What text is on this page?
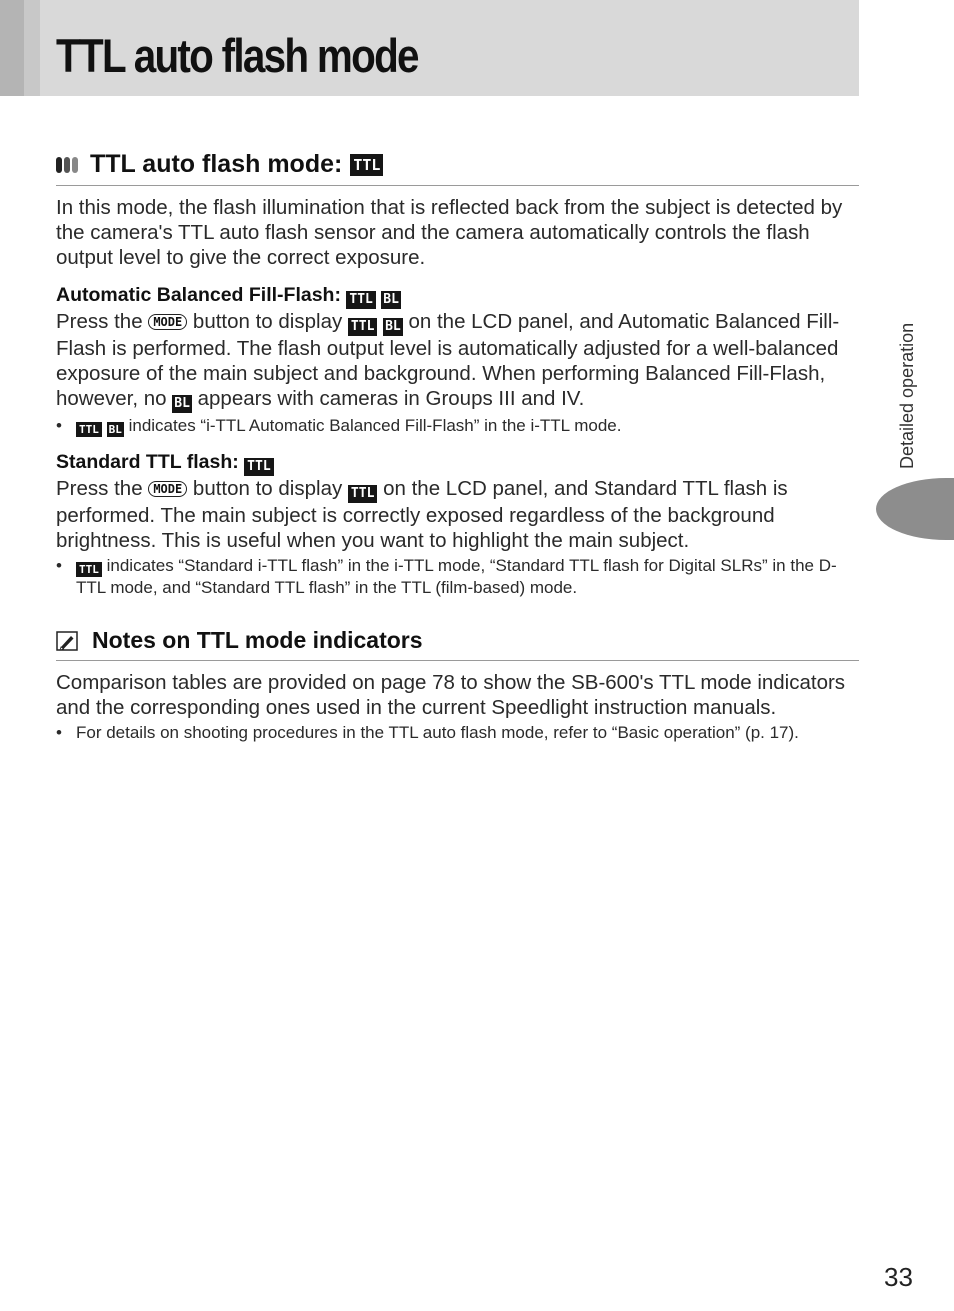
TTL auto flash mode
TTL auto flash mode: TTL

In this mode, the flash illumination that is reflected back from the subject is detected by the camera's TTL auto flash sensor and the camera automatically controls the flash output level to give the correct exposure.

Automatic Balanced Fill-Flash: TTL BL

Press the MODE button to display TTL BL on the LCD panel, and Automatic Balanced Fill-Flash is performed. The flash output level is automatically adjusted for a well-balanced exposure of the main subject and background. When performing Balanced Fill-Flash, however, no BL appears with cameras in Groups III and IV.

• TTL BL indicates “i-TTL Automatic Balanced Fill-Flash” in the i-TTL mode.
Standard TTL flash: TTL

Press the MODE button to display TTL on the LCD panel, and Standard TTL flash is performed. The main subject is correctly exposed regardless of the background brightness. This is useful when you want to highlight the main subject.

• TTL indicates “Standard i-TTL flash” in the i-TTL mode, “Standard TTL flash for Digital SLRs” in the D-TTL mode, and “Standard TTL flash” in the TTL (film-based) mode.
Notes on TTL mode indicators

Comparison tables are provided on page 78 to show the SB-600's TTL mode indicators and the corresponding ones used in the current Speedlight instruction manuals.

• For details on shooting procedures in the TTL auto flash mode, refer to “Basic operation” (p. 17).
Detailed operation
33
